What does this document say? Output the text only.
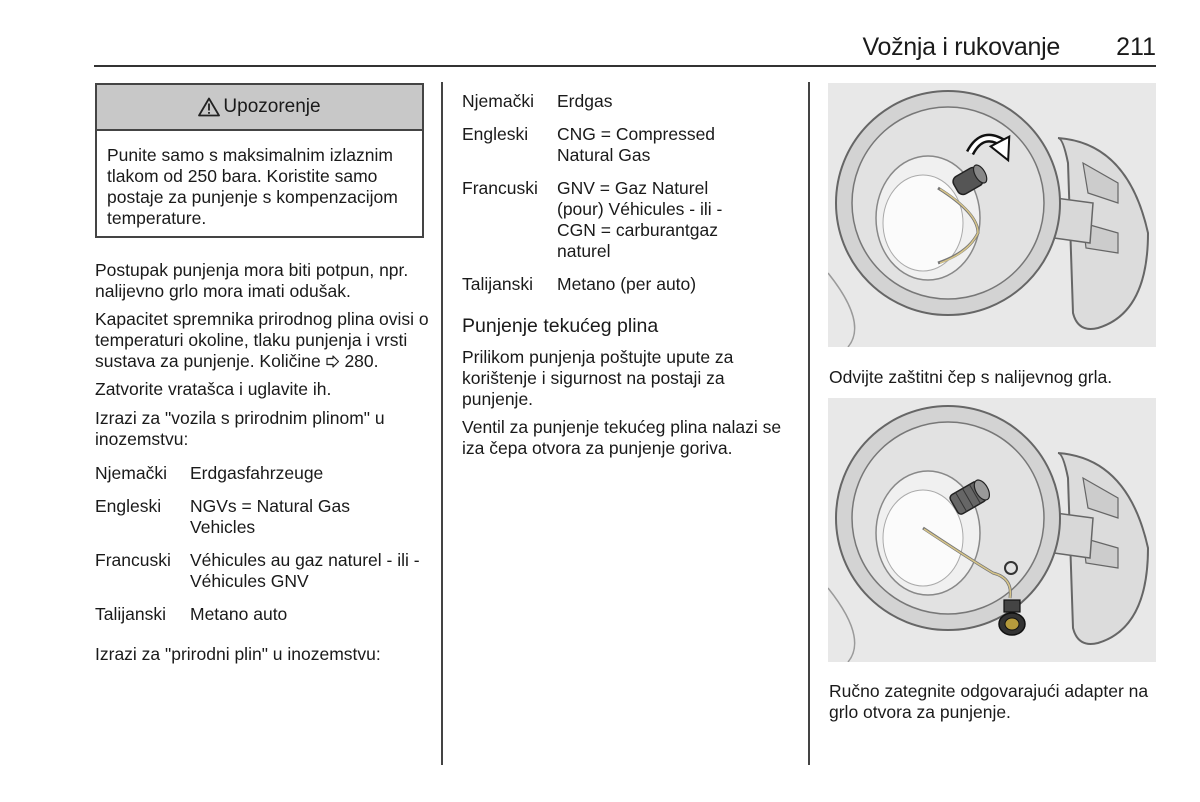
Vožnja i rukovanje	211
Upozorenje
Punite samo s maksimalnim izlaznim tlakom od 250 bara. Koristite samo postaje za punjenje s kompenzacijom temperature.

Postupak punjenja mora biti potpun, npr. nalijevno grlo mora imati odušak.

Kapacitet spremnika prirodnog plina ovisi o temperaturi okoline, tlaku punjenja i vrsti sustava za punjenje. Količine 280.

Zatvorite vratašca i uglavite ih.

Izrazi za "vozila s prirodnim plinom" u inozemstvu:

Njemački	Erdgasfahrzeuge
Engleski	NGVs = Natural Gas Vehicles
Francuski	Véhicules au gaz naturel - ili - Véhicules GNV
Talijanski	Metano auto

Izrazi za "prirodni plin" u inozemstvu:

Njemački	Erdgas
Engleski	CNG = Compressed Natural Gas
Francuski	GNV = Gaz Naturel (pour) Véhicules - ili - CGN = carburantgaz naturel
Talijanski	Metano (per auto)

Punjenje tekućeg plina

Prilikom punjenja poštujte upute za korištenje i sigurnost na postaji za punjenje.

Ventil za punjenje tekućeg plina nalazi se iza čepa otvora za punjenje goriva.

Odvijte zaštitni čep s nalijevnog grla.
Ručno zategnite odgovarajući adapter na grlo otvora za punjenje.
